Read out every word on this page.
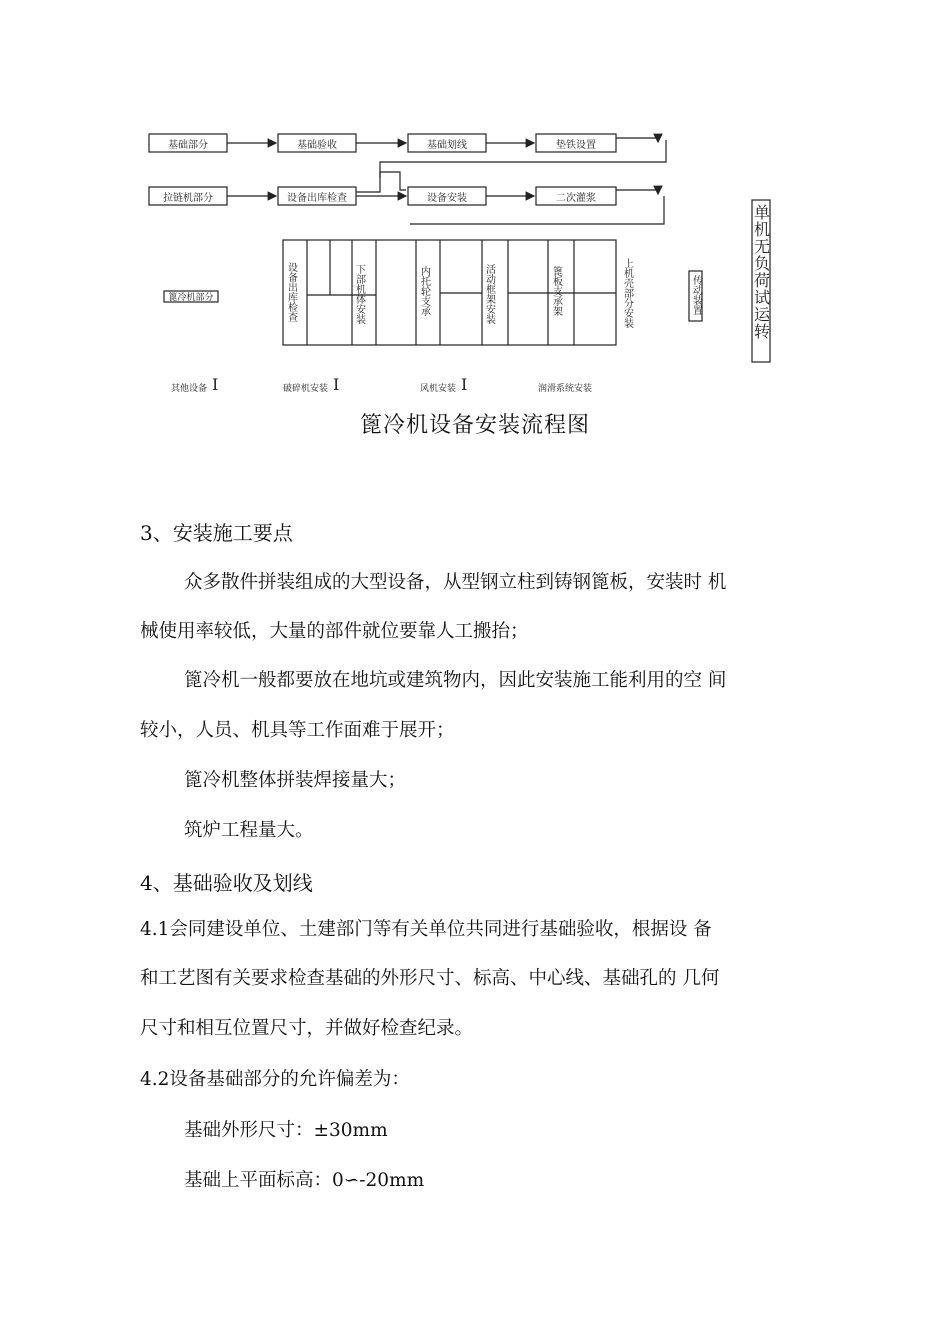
基础部分	基础验收	基础划线	垫铁设置
拉链机部分	设备出库检查	设备安装	二次灌浆
篦冷机部分	设备出库检查	下部机体安装	内托轮支承	活动框架安装	篦板支承架	上机壳部分安装	传动装置	单机无负荷试运转
其他设备 I	破碎机安装 I	风机安装 I	润滑系统安装
篦冷机设备安装流程图
3、安装施工要点
众多散件拼装组成的大型设备，从型钢立柱到铸钢篦板，安装时 机
械使用率较低，大量的部件就位要靠人工搬抬；
篦冷机一般都要放在地坑或建筑物内，因此安装施工能利用的空 间
较小，人员、机具等工作面难于展开；
篦冷机整体拼装焊接量大；
筑炉工程量大。
4、基础验收及划线
4.1会同建设单位、土建部门等有关单位共同进行基础验收，根据设 备
和工艺图有关要求检查基础的外形尺寸、标高、中心线、基础孔的 几何
尺寸和相互位置尺寸，并做好检查纪录。
4.2设备基础部分的允许偏差为：
基础外形尺寸：±30mm
基础上平面标高：0∽-20mm
